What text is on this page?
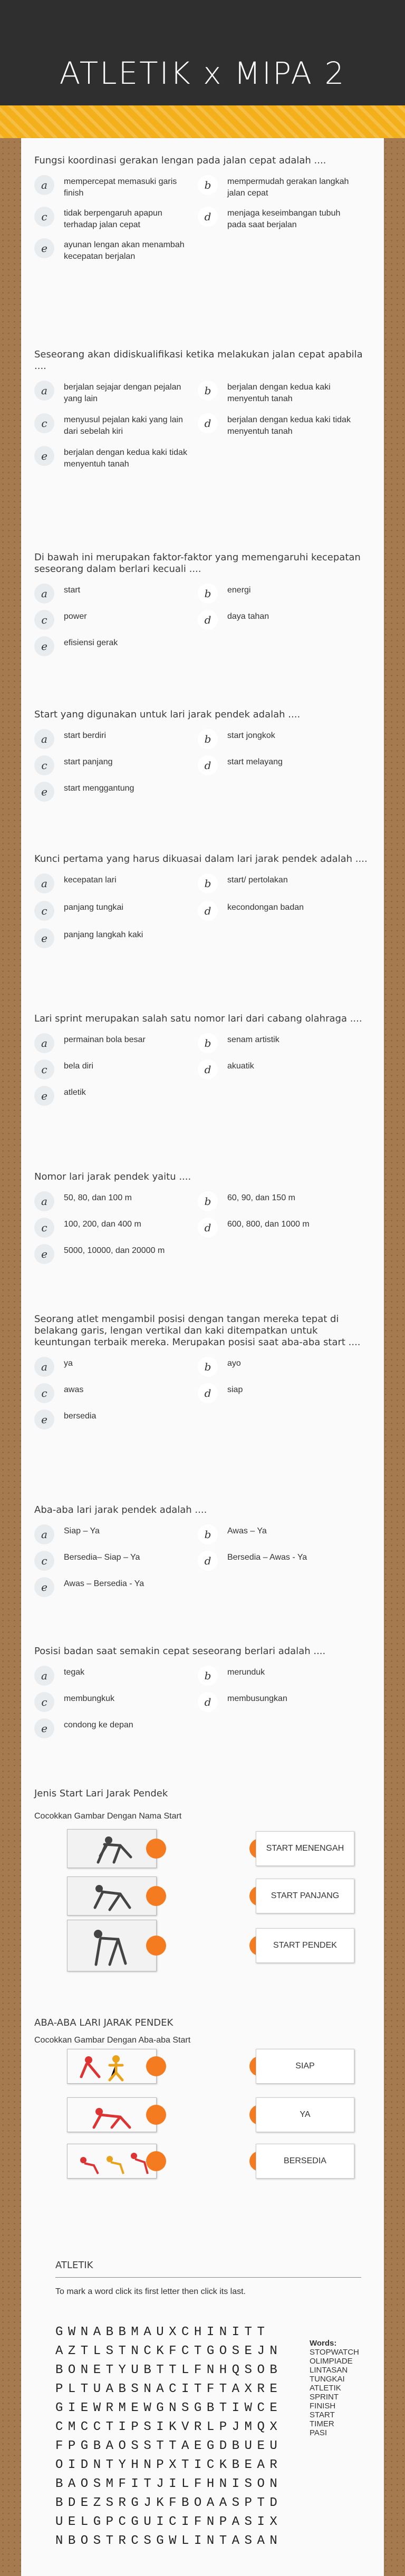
ATLETIK x MIPA 2
Fungsi koordinasi gerakan lengan pada jalan cepat adalah ....
a	mempercepat memasuki garis finish
b	mempermudah gerakan langkah jalan cepat
c	tidak berpengaruh apapun terhadap jalan cepat
d	menjaga keseimbangan tubuh pada saat berjalan
e	ayunan lengan akan menambah kecepatan berjalan
Seseorang akan didiskualifikasi ketika melakukan jalan cepat apabila ....
a	berjalan sejajar dengan pejalan yang lain
b	berjalan dengan kedua kaki menyentuh tanah
c	menyusul pejalan kaki yang lain dari sebelah kiri
d	berjalan dengan kedua kaki tidak menyentuh tanah
e	berjalan dengan kedua kaki tidak menyentuh tanah
Di bawah ini merupakan faktor-faktor yang memengaruhi kecepatan seseorang dalam berlari kecuali ....
a	start	b	energi
c	power	d	daya tahan
e	efisiensi gerak
Start yang digunakan untuk lari jarak pendek adalah ....
a	start berdiri	b	start jongkok
c	start panjang	d	start melayang
e	start menggantung
Kunci pertama yang harus dikuasai dalam lari jarak pendek adalah ....
a	kecepatan lari	b	start/ pertolakan
c	panjang tungkai	d	kecondongan badan
e	panjang langkah kaki
Lari sprint merupakan salah satu nomor lari dari cabang olahraga ....
a	permainan bola besar	b	senam artistik
c	bela diri	d	akuatik
e	atletik
Nomor lari jarak pendek yaitu ....
a	50, 80, dan 100 m	b	60, 90, dan 150 m
c	100, 200, dan 400 m	d	600, 800, dan 1000 m
e	5000, 10000, dan 20000 m
Seorang atlet mengambil posisi dengan tangan mereka tepat di belakang garis, lengan vertikal dan kaki ditempatkan untuk keuntungan terbaik mereka. Merupakan posisi saat aba-aba start ....
a	ya	b	ayo
c	awas	d	siap
e	bersedia
Aba-aba lari jarak pendek adalah ....
a	Siap – Ya	b	Awas – Ya
c	Bersedia– Siap – Ya	d	Bersedia – Awas - Ya
e	Awas – Bersedia - Ya
Posisi badan saat semakin cepat seseorang berlari adalah ....
a	tegak	b	merunduk
c	membungkuk	d	membusungkan
e	condong ke depan
Jenis Start Lari Jarak Pendek
Cocokkan Gambar Dengan Nama Start
START MENENGAH
START PANJANG
START PENDEK
ABA-ABA LARI JARAK PENDEK
Cocokkan Gambar Dengan Aba-aba Start
SIAP
YA
BERSEDIA
ATLETIK
To mark a word click its first letter then click its last.
GWNABBMAUXCHINITT
AZTLSTNCKFCTGOSEJN
BONETYUBTTLFNHQSOB
PLTUABSNACITFTAXRE
GIEWRMEWGNSGBTIWCE
CMCCTIPSIKVRLPJMQX
FPGBAOSSTTAEGDBUEU
OIDNTYHNPXTICKBEAR
BAOSMFITJILFHNISON
BDEZSRGJKFBOAASPTD
UELGPCGUICIFNPASIX
NBOSTRCSGWLINTASAN
Words:
STOPWATCH
OLIMPIADE
LINTASAN
TUNGKAI
ATLETIK
SPRINT
FINISH
START
TIMER
PASI
